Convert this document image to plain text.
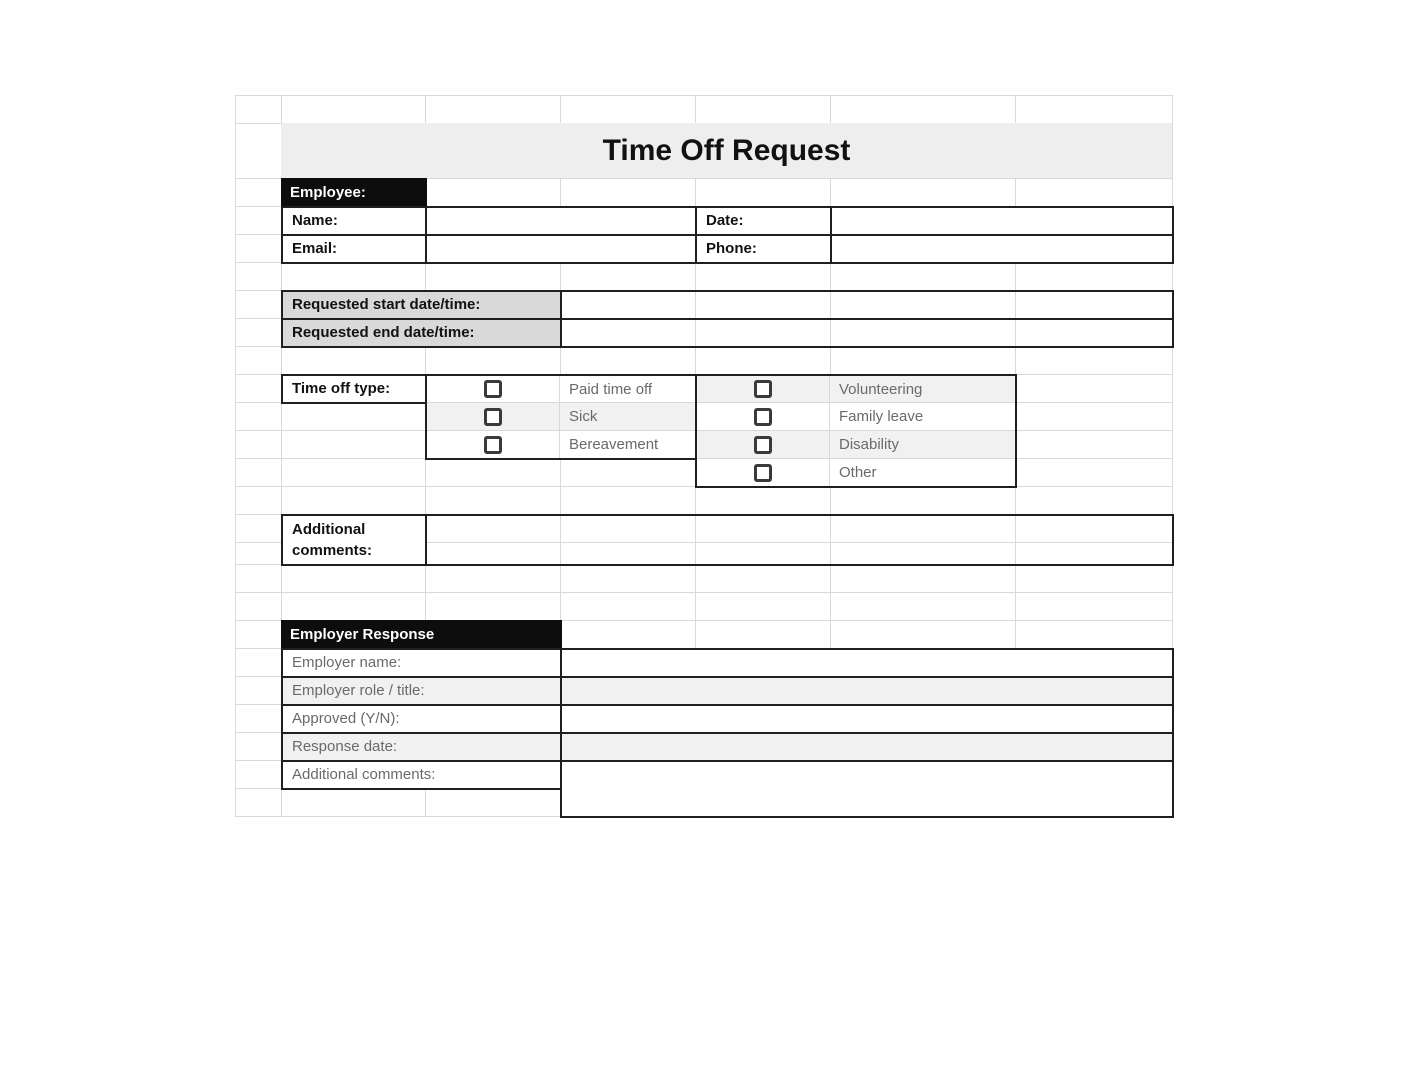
Time Off Request
Employee:
Name:	Date:
Email:	Phone:
Requested start date/time:
Requested end date/time:
Time off type:	Paid time off
Sick
Bereavement
Volunteering
Family leave
Disability
Other
Additional comments:
Employer Response
Employer name:
Employer role / title:
Approved (Y/N):
Response date:
Additional comments:
